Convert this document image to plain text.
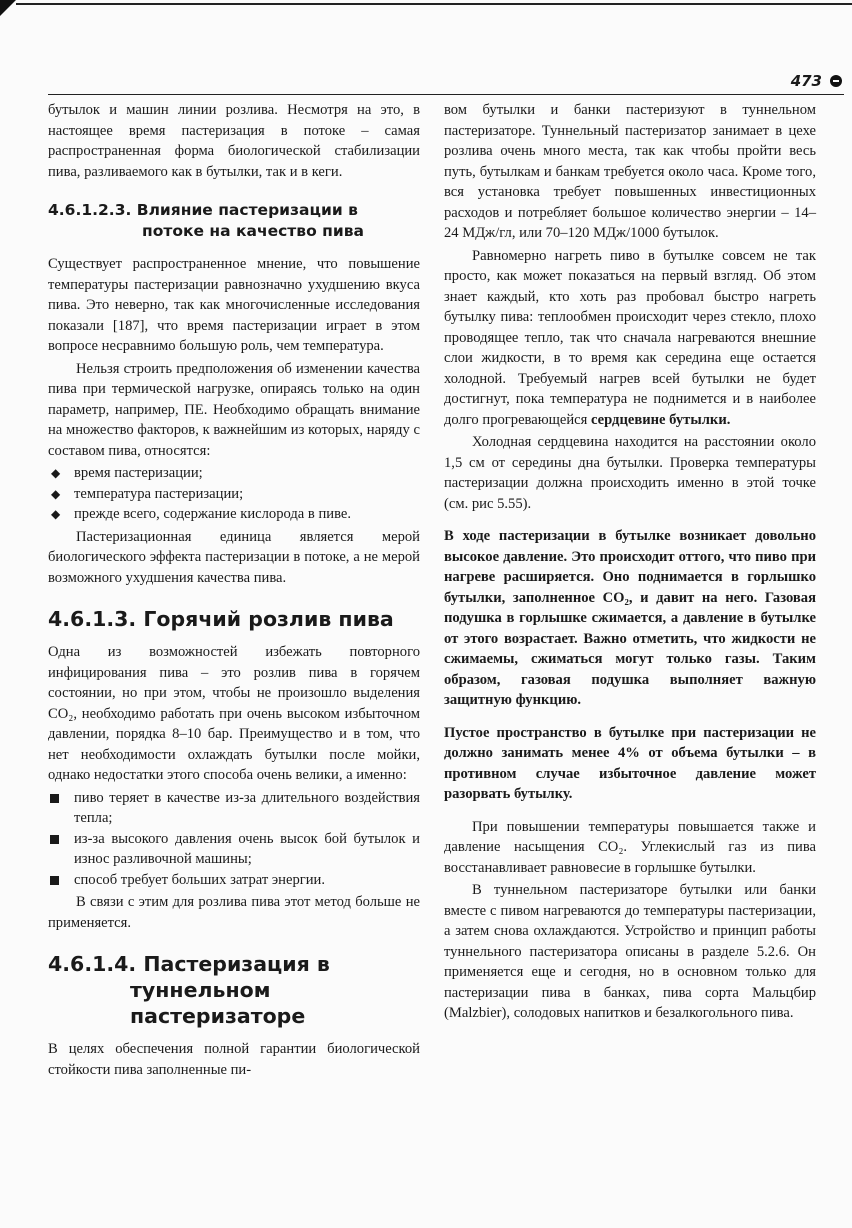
473

бутылок и машин линии розлива. Несмотря на это, в настоящее время пастеризация в потоке – самая распространенная форма биологической стабилизации пива, разливаемого как в бутылки, так и в кеги.

4.6.1.2.3. Влияние пастеризации в потоке на качество пива

Существует распространенное мнение, что повышение температуры пастеризации равнозначно ухудшению вкуса пива. Это неверно, так как многочисленные исследования показали [187], что время пастеризации играет в этом вопросе несравнимо большую роль, чем температура.

Нельзя строить предположения об изменении качества пива при термической нагрузке, опираясь только на один параметр, например, ПЕ. Необходимо обращать внимание на множество факторов, к важнейшим из которых, наряду с составом пива, относятся:

◆ время пастеризации;
◆ температура пастеризации;
◆ прежде всего, содержание кислорода в пиве.

Пастеризационная единица является мерой биологического эффекта пастеризации в потоке, а не мерой возможного ухудшения качества пива.

4.6.1.3. Горячий розлив пива

Одна из возможностей избежать повторного инфицирования пива – это розлив пива в горячем состоянии, но при этом, чтобы не произошло выделения CO₂, необходимо работать при очень высоком избыточном давлении, порядка 8–10 бар. Преимущество и в том, что нет необходимости охлаждать бутылки после мойки, однако недостатки этого способа очень велики, а именно:

пиво теряет в качестве из-за длительного воздействия тепла;
из-за высокого давления очень высок бой бутылок и износ разливочной машины;
способ требует больших затрат энергии.

В связи с этим для розлива пива этот метод больше не применяется.

4.6.1.4. Пастеризация в туннельном пастеризаторе

В целях обеспечения полной гарантии биологической стойкости пива заполненные пи-

вом бутылки и банки пастеризуют в туннельном пастеризаторе. Туннельный пастеризатор занимает в цехе розлива очень много места, так как чтобы пройти весь путь, бутылкам и банкам требуется около часа. Кроме того, вся установка требует повышенных инвестиционных расходов и потребляет большое количество энергии – 14–24 МДж/гл, или 70–120 МДж/1000 бутылок.

Равномерно нагреть пиво в бутылке совсем не так просто, как может показаться на первый взгляд. Об этом знает каждый, кто хоть раз пробовал быстро нагреть бутылку пива: теплообмен происходит через стекло, плохо проводящее тепло, так что сначала нагреваются внешние слои жидкости, в то время как середина еще остается холодной. Требуемый нагрев всей бутылки не будет достигнут, пока температура не поднимется и в наиболее долго прогревающейся сердцевине бутылки.

Холодная сердцевина находится на расстоянии около 1,5 см от середины дна бутылки. Проверка температуры пастеризации должна происходить именно в этой точке (см. рис 5.55).

В ходе пастеризации в бутылке возникает довольно высокое давление. Это происходит оттого, что пиво при нагреве расширяется. Оно поднимается в горлышко бутылки, заполненное CO₂, и давит на него. Газовая подушка в горлышке сжимается, а давление в бутылке от этого возрастает. Важно отметить, что жидкости не сжимаемы, сжиматься могут только газы. Таким образом, газовая подушка выполняет важную защитную функцию.

Пустое пространство в бутылке при пастеризации не должно занимать менее 4% от объема бутылки – в противном случае избыточное давление может разорвать бутылку.

При повышении температуры повышается также и давление насыщения CO₂. Углекислый газ из пива восстанавливает равновесие в горлышке бутылки.

В туннельном пастеризаторе бутылки или банки вместе с пивом нагреваются до температуры пастеризации, а затем снова охлаждаются. Устройство и принцип работы туннельного пастеризатора описаны в разделе 5.2.6. Он применяется еще и сегодня, но в основном только для пастеризации пива в банках, пива сорта Мальцбир (Malzbier), солодовых напитков и безалкогольного пива.
